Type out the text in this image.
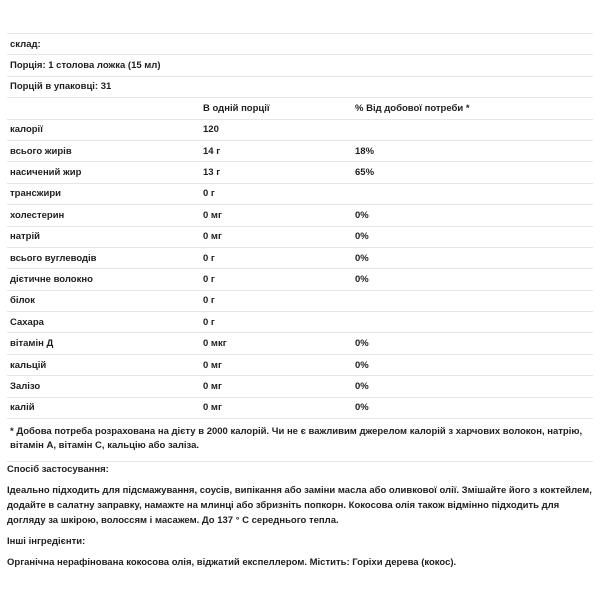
склад:		
Порція: 1 столова ложка (15 мл)		
Порцій в упаковці: 31		
	В одній порції	% Від добової потреби *
калорії	120	
всього жирів	14 г	18%
насичений жир	13 г	65%
трансжири	0 г	
холестерин	0 мг	0%
натрій	0 мг	0%
всього вуглеводів	0 г	0%
дієтичне волокно	0 г	0%
білок	0 г	
Сахара	0 г	
вітамін Д	0 мкг	0%
кальцій	0 мг	0%
Залізо	0 мг	0%
калій	0 мг	0%
* Добова потреба розрахована на дієту в 2000 калорій. Чи не є важливим джерелом калорій з харчових волокон, натрію, вітамін А, вітамін С, кальцію або заліза.		

Спосіб застосування:

Ідеально підходить для підсмажування, соусів, випікання або заміни масла або оливкової олії. Змішайте його з коктейлем, додайте в салатну заправку, намажте на млинці або збризніть попкорн. Кокосова олія також відмінно підходить для догляду за шкірою, волоссям і масажем. До 137 ° C середнього тепла.

Інші інгредієнти:

Органічна нерафінована кокосова олія, віджатий експеллером. Містить: Горіхи дерева (кокос).
